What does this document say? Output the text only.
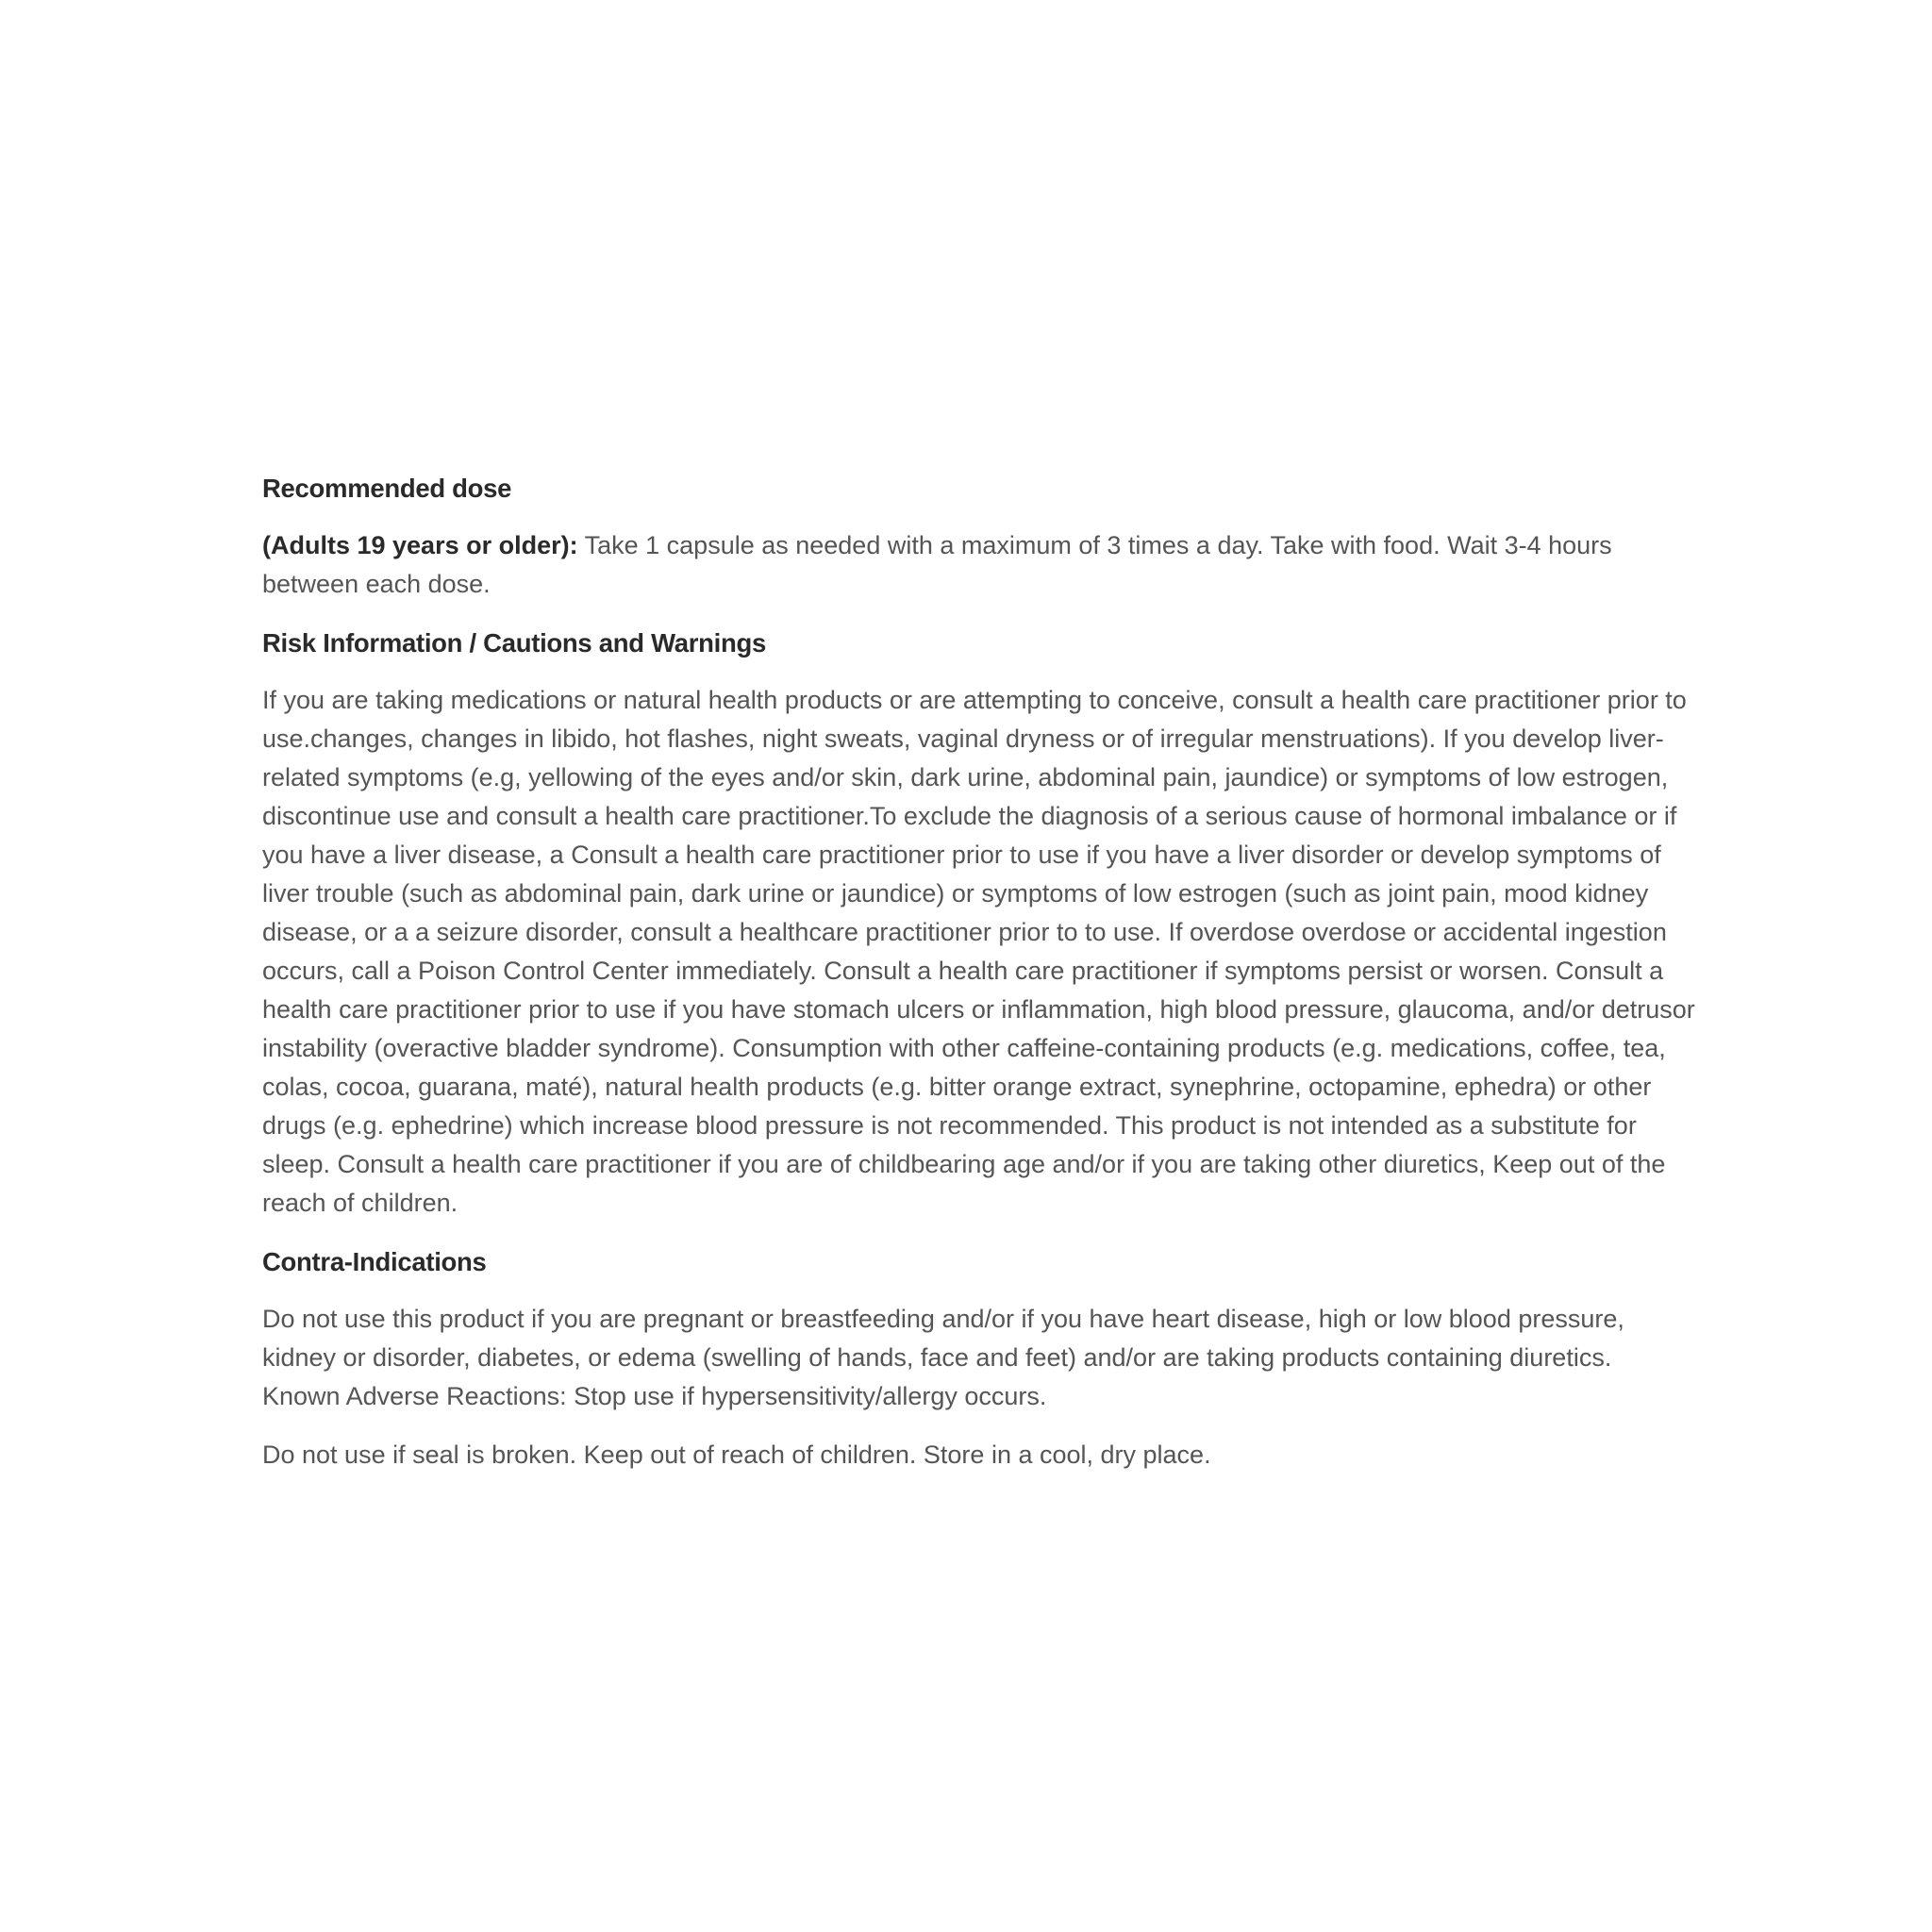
Recommended dose

(Adults 19 years or older): Take 1 capsule as needed with a maximum of 3 times a day. Take with food. Wait 3-4 hours between each dose.

Risk Information / Cautions and Warnings

If you are taking medications or natural health products or are attempting to conceive, consult a health care practitioner prior to use.changes, changes in libido, hot flashes, night sweats, vaginal dryness or of irregular menstruations). If you develop liver-related symptoms (e.g, yellowing of the eyes and/or skin, dark urine, abdominal pain, jaundice) or symptoms of low estrogen, discontinue use and consult a health care practitioner.To exclude the diagnosis of a serious cause of hormonal imbalance or if you have a liver disease, a Consult a health care practitioner prior to use if you have a liver disorder or develop symptoms of liver trouble (such as abdominal pain, dark urine or jaundice) or symptoms of low estrogen (such as joint pain, mood kidney disease, or a a seizure disorder, consult a healthcare practitioner prior to to use. If overdose overdose or accidental ingestion occurs, call a Poison Control Center immediately. Consult a health care practitioner if symptoms persist or worsen. Consult a health care practitioner prior to use if you have stomach ulcers or inflammation, high blood pressure, glaucoma, and/or detrusor instability (overactive bladder syndrome). Consumption with other caffeine-containing products (e.g. medications, coffee, tea, colas, cocoa, guarana, maté), natural health products (e.g. bitter orange extract, synephrine, octopamine, ephedra) or other drugs (e.g. ephedrine) which increase blood pressure is not recommended. This product is not intended as a substitute for sleep. Consult a health care practitioner if you are of childbearing age and/or if you are taking other diuretics, Keep out of the reach of children.

Contra-Indications

Do not use this product if you are pregnant or breastfeeding and/or if you have heart disease, high or low blood pressure, kidney or disorder, diabetes, or edema (swelling of hands, face and feet) and/or are taking products containing diuretics. Known Adverse Reactions: Stop use if hypersensitivity/allergy occurs.

Do not use if seal is broken. Keep out of reach of children. Store in a cool, dry place.
